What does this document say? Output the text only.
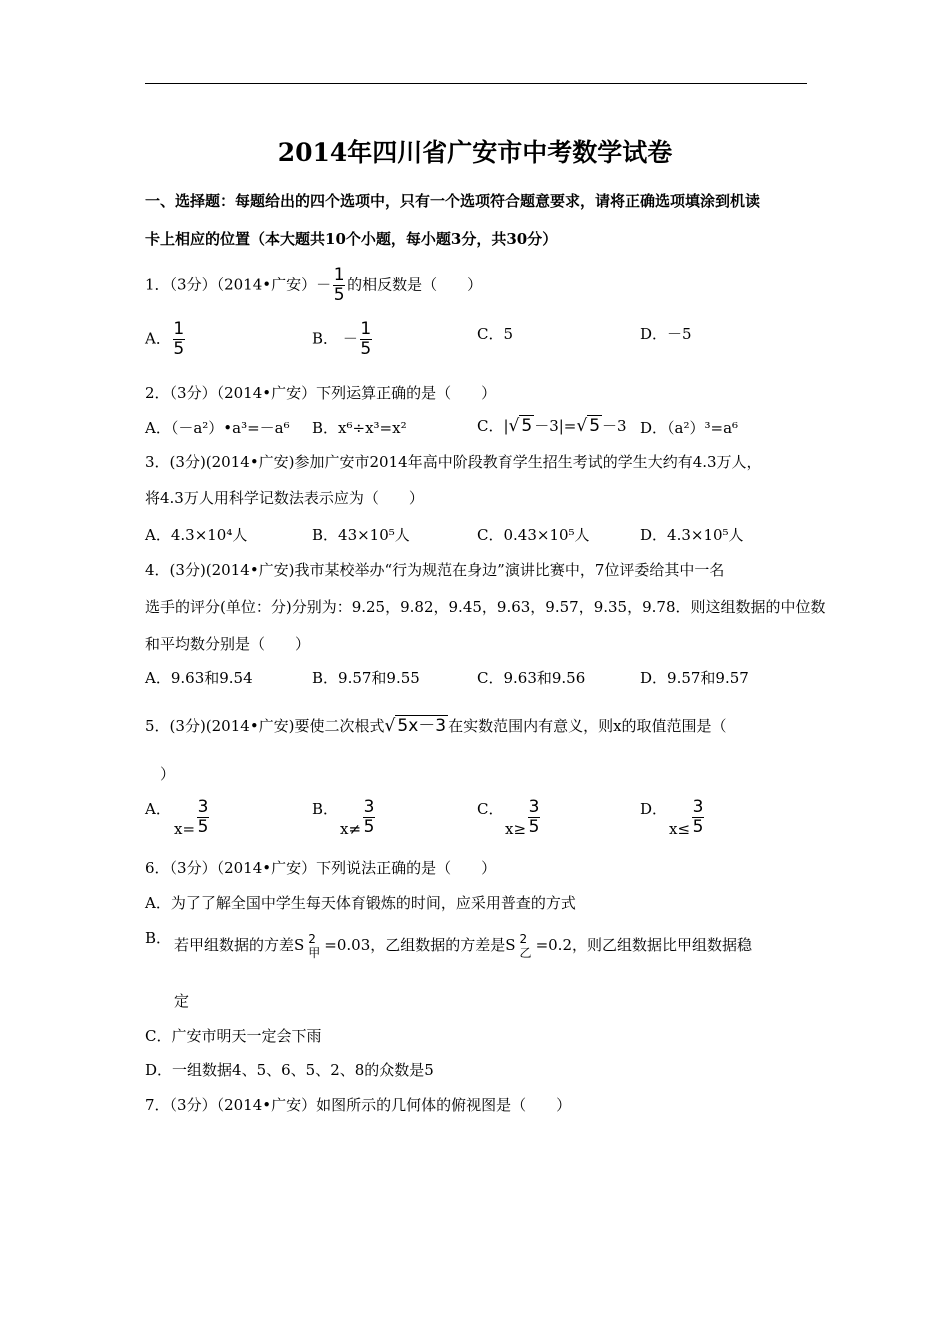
2014年四川省广安市中考数学试卷
一、选择题：每题给出的四个选项中，只有一个选项符合题意要求，请将正确选项填涂到机读
卡上相应的位置（本大题共10个小题，每小题3分，共30分）
1．（3分）（2014•广安）－ $\frac{1}{5}$ 的相反数是（　　）
A． $\frac{1}{5}$	B． － $\frac{1}{5}$	C．5	D．－5
2．（3分）（2014•广安）下列运算正确的是（　　）
A．（－a²）•a³=－a⁶ B．x⁶÷x³=x²	C．|√ 5 －3|=√ 5 －3 D．（a²）³=a⁶
3．(3分)(2014•广安)参加广安市2014年高中阶段教育学生招生考试的学生大约有4.3万人，
将4.3万人用科学记数法表示应为（　　）
A．4.3×10⁴人	B．43×10⁵人	C．0.43×10⁵人	D．4.3×10⁵人
4．(3分)(2014•广安)我市某校举办“行为规范在身边”演讲比赛中，7位评委给其中一名
选手的评分(单位：分)分别为：9.25，9.82，9.45，9.63，9.57，9.35，9.78．则这组数据的中位数
和平均数分别是（　　）
A．9.63和9.54	B．9.57和9.55	C．9.63和9.56	D．9.57和9.57
5．(3分)(2014•广安)要使二次根式√ 5x－3 在实数范围内有意义，则x的取值范围是（
）
A．
$x= \frac{3}{5}$	B．
$x\ne \frac{3}{5}$	C．
$x\ge \frac{3}{5}$	D．
$x\le \frac{3}{5}$
6．（3分）（2014•广安）下列说法正确的是（　　）
A．为了了解全国中学生每天体育锻炼的时间，应采用普查的方式
B． 若甲组数据的方差S 2
甲 =0.03，乙组数据的方差是S 2
乙 =0.2，则乙组数据比甲组数据稳
定
C．广安市明天一定会下雨
D．一组数据4、5、6、5、2、8的众数是5
7．（3分）（2014•广安）如图所示的几何体的俯视图是（　　）
